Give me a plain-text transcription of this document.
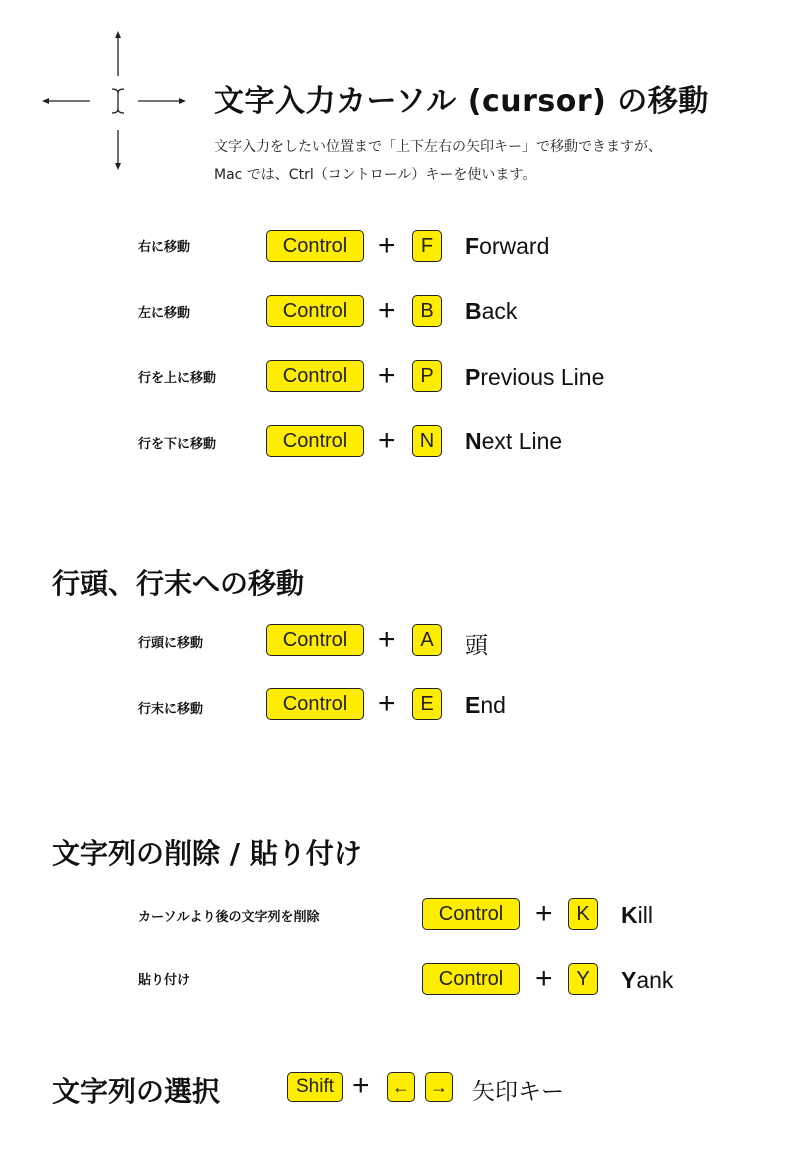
文字入力カーソル (cursor) の移動
文字入力をしたい位置まで「上下左右の矢印キー」で移動できますが、
Mac では、Ctrl（コントロール）キーを使います。
右に移動	Control	+	F	Forward
左に移動	Control	+	B	Back
行を上に移動	Control	+	P	Previous Line
行を下に移動	Control	+	N	Next Line
行頭、行末への移動
行頭に移動	Control	+	A	頭
行末に移動	Control	+	E	End
文字列の削除 / 貼り付け
カーソルより後の文字列を削除	Control	+	K	Kill
貼り付け	Control	+	Y	Yank
文字列の選択	Shift + ← → 矢印キー
